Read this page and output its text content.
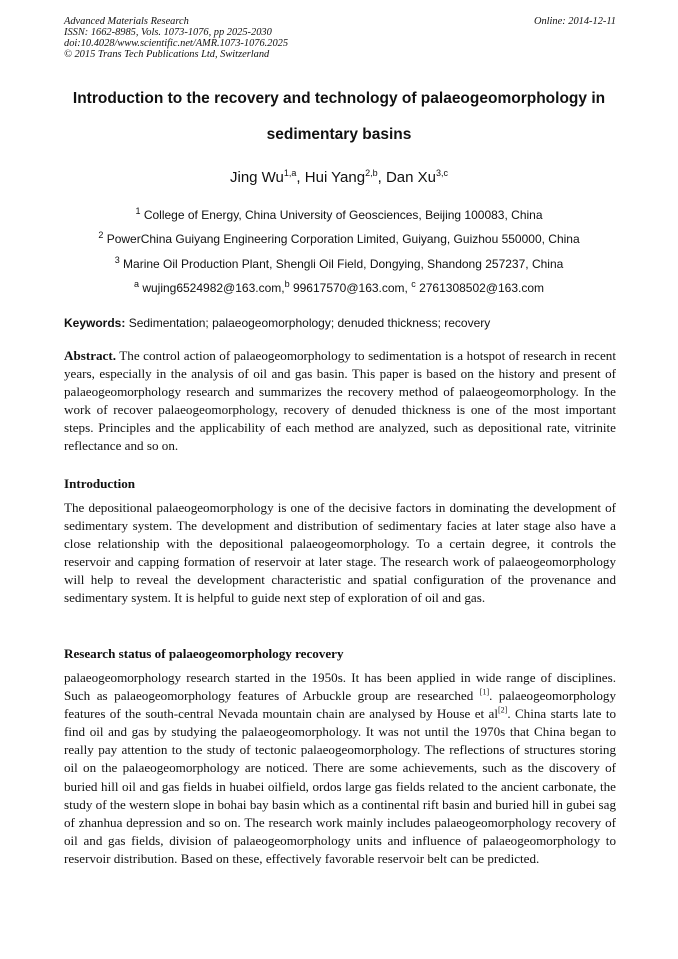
Advanced Materials Research
ISSN: 1662-8985, Vols. 1073-1076, pp 2025-2030
doi:10.4028/www.scientific.net/AMR.1073-1076.2025
© 2015 Trans Tech Publications Ltd, Switzerland
Online: 2014-12-11
Introduction to the recovery and technology of palaeogeomorphology in
sedimentary basins
Jing Wu$^{1,a}$, Hui Yang$^{2,b}$, Dan Xu$^{3,c}$
$^1$ College of Energy, China University of Geosciences, Beijing 100083, China
$^2$ PowerChina Guiyang Engineering Corporation Limited, Guiyang, Guizhou 550000, China
$^3$ Marine Oil Production Plant, Shengli Oil Field, Dongying, Shandong 257237, China
$^a$ wujing6524982@163.com,$^b$ 99617570@163.com, $^c$ 2761308502@163.com
Keywords: Sedimentation; palaeogeomorphology; denuded thickness; recovery

Abstract. The control action of palaeogeomorphology to sedimentation is a hotspot of research in recent years, especially in the analysis of oil and gas basin. This paper is based on the history and present of palaeogeomorphology research and summarizes the recovery method of palaeogeomorphology. In the work of recover palaeogeomorphology, recovery of denuded thickness is one of the most important steps. Principles and the applicability of each method are analyzed, such as depositional rate, vitrinite reflectance and so on.

Introduction

The depositional palaeogeomorphology is one of the decisive factors in dominating the development of sedimentary system. The development and distribution of sedimentary facies at later stage also have a close relationship with the depositional palaeogeomorphology. To a certain degree, it controls the reservoir and capping formation of reservoir at later stage. The research work of palaeogeomorphology will help to reveal the development characteristic and spatial configuration of the provenance and sedimentary system. It is helpful to guide next step of exploration of oil and gas.

Research status of palaeogeomorphology recovery

palaeogeomorphology research started in the 1950s. It has been applied in wide range of disciplines. Such as palaeogeomorphology features of Arbuckle group are researched [1]. palaeogeomorphology features of the south-central Nevada mountain chain are analysed by House et al[2]. China starts late to find oil and gas by studying the palaeogeomorphology. It was not until the 1970s that China began to really pay attention to the study of tectonic palaeogeomorphology. The reflections of structures storing oil on the palaeogeomorphology are noticed. There are some achievements, such as the discovery of buried hill oil and gas fields in huabei oilfield, ordos large gas fields related to the ancient carbonate, the study of the western slope in bohai bay basin which as a continental rift basin and buried hill in gubei sag of zhanhua depression and so on. The research work mainly includes palaeogeomorphology recovery of oil and gas fields, division of palaeogeomorphology units and influence of palaeogeomorphology to reservoir distribution. Based on these, effectively favorable reservoir belt can be predicted.
